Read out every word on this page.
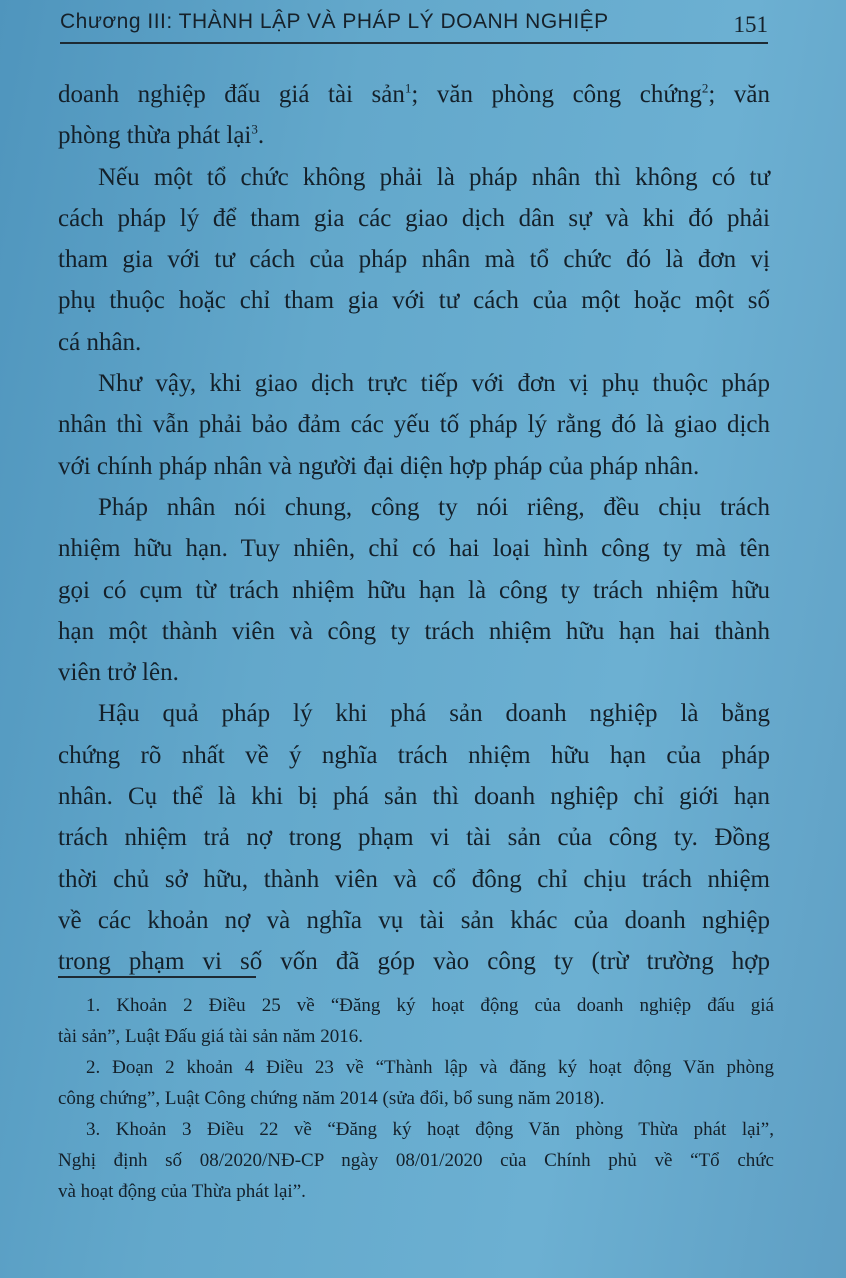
Chương III: THÀNH LẬP VÀ PHÁP LÝ DOANH NGHIỆP	151
doanh nghiệp đấu giá tài sản$^1$; văn phòng công chứng$^2$; văn
phòng thừa phát lại$^3$.
Nếu một tổ chức không phải là pháp nhân thì không có tư
cách pháp lý để tham gia các giao dịch dân sự và khi đó phải
tham gia với tư cách của pháp nhân mà tổ chức đó là đơn vị
phụ thuộc hoặc chỉ tham gia với tư cách của một hoặc một số
cá nhân.
Như vậy, khi giao dịch trực tiếp với đơn vị phụ thuộc pháp
nhân thì vẫn phải bảo đảm các yếu tố pháp lý rằng đó là giao dịch
với chính pháp nhân và người đại diện hợp pháp của pháp nhân.
Pháp nhân nói chung, công ty nói riêng, đều chịu trách
nhiệm hữu hạn. Tuy nhiên, chỉ có hai loại hình công ty mà tên
gọi có cụm từ trách nhiệm hữu hạn là công ty trách nhiệm hữu
hạn một thành viên và công ty trách nhiệm hữu hạn hai thành
viên trở lên.
Hậu quả pháp lý khi phá sản doanh nghiệp là bằng
chứng rõ nhất về ý nghĩa trách nhiệm hữu hạn của pháp
nhân. Cụ thể là khi bị phá sản thì doanh nghiệp chỉ giới hạn
trách nhiệm trả nợ trong phạm vi tài sản của công ty. Đồng
thời chủ sở hữu, thành viên và cổ đông chỉ chịu trách nhiệm
về các khoản nợ và nghĩa vụ tài sản khác của doanh nghiệp
trong phạm vi số vốn đã góp vào công ty (trừ trường hợp
1. Khoản 2 Điều 25 về “Đăng ký hoạt động của doanh nghiệp đấu giá
tài sản”, Luật Đấu giá tài sản năm 2016.
2. Đoạn 2 khoản 4 Điều 23 về “Thành lập và đăng ký hoạt động Văn phòng
công chứng”, Luật Công chứng năm 2014 (sửa đổi, bổ sung năm 2018).
3. Khoản 3 Điều 22 về “Đăng ký hoạt động Văn phòng Thừa phát lại”,
Nghị định số 08/2020/NĐ-CP ngày 08/01/2020 của Chính phủ về “Tổ chức
và hoạt động của Thừa phát lại”.
